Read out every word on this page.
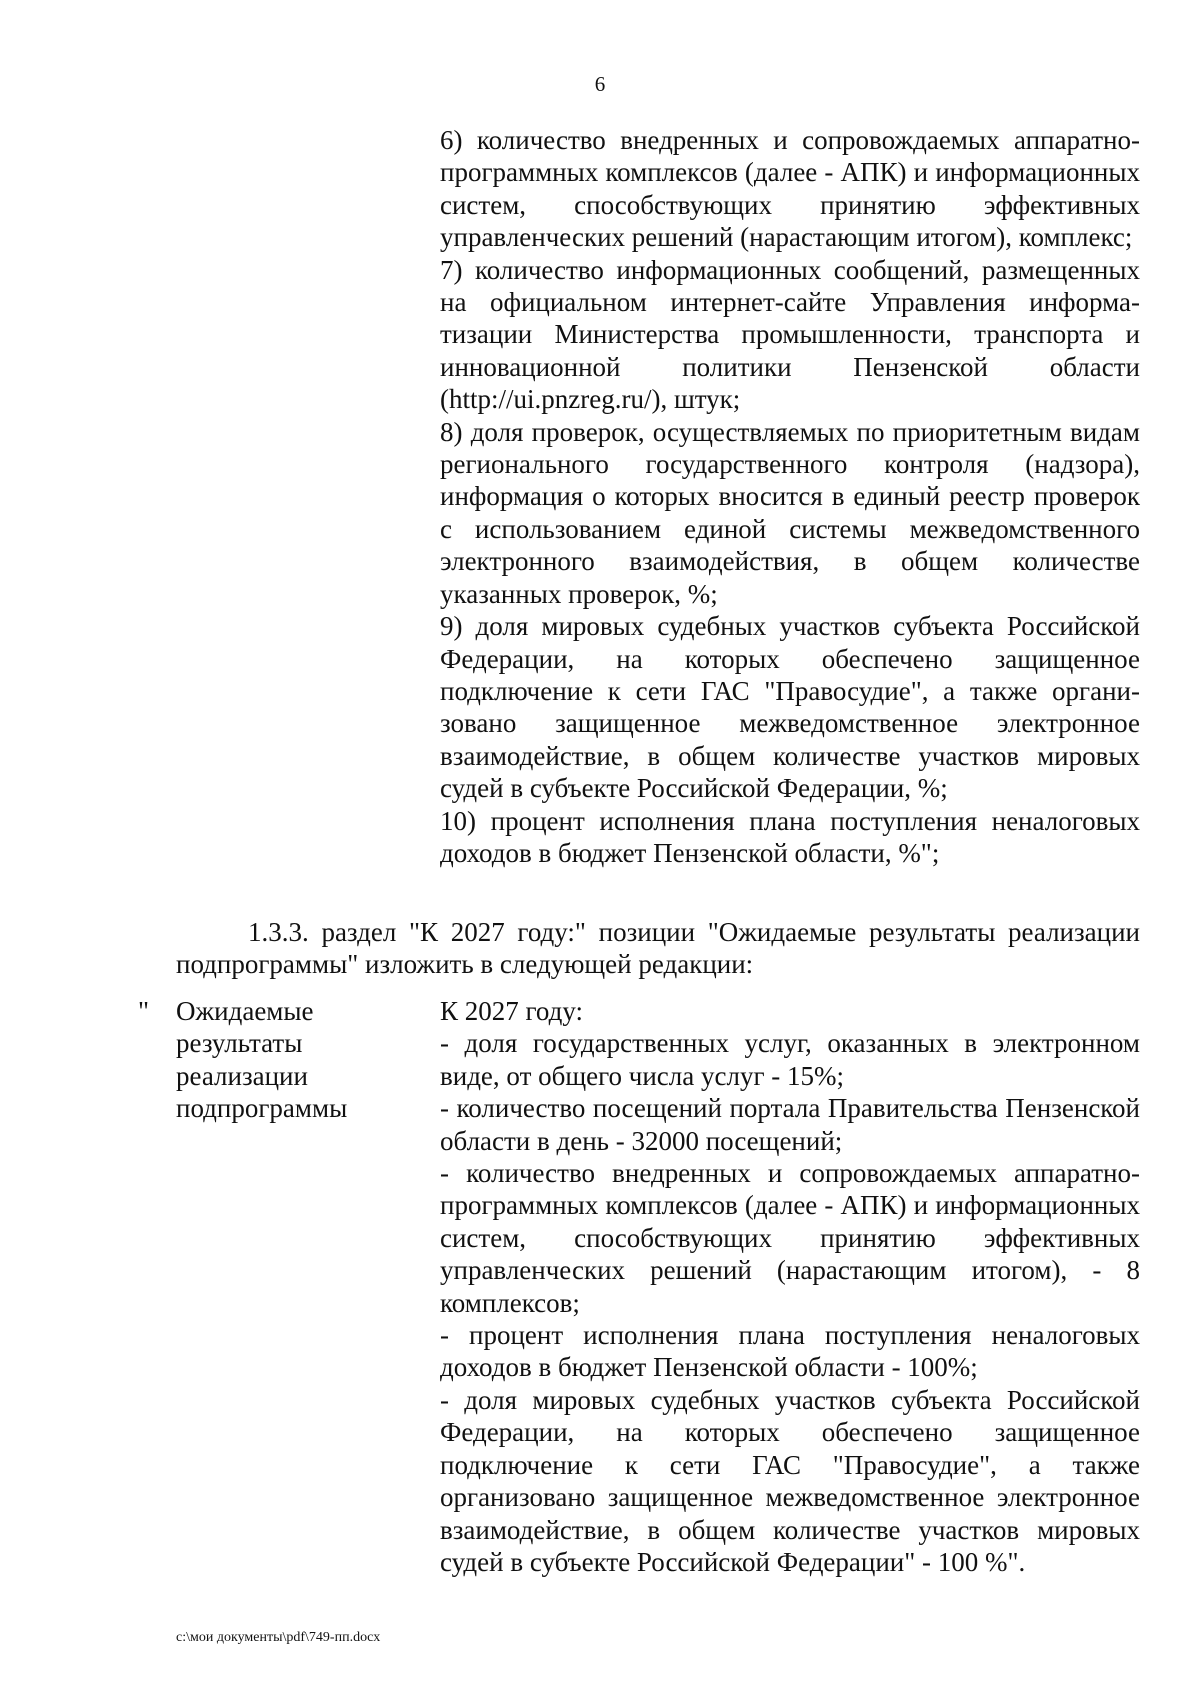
6
6) количество внедренных и сопровождаемых аппаратно-программных комплексов (далее - АПК) и информационных систем, способствующих принятию эффективных управленческих решений (нарастающим итогом), комплекс;
7) количество информационных сообщений, размещенных на официальном интернет-сайте Управления информатизации Министерства промышленности, транспорта и инновационной политики Пензенской области (http://ui.pnzreg.ru/), штук;
8) доля проверок, осуществляемых по приоритетным видам регионального государственного контроля (надзора), информация о которых вносится в единый реестр проверок с использованием единой системы межведомственного электронного взаимодействия, в общем количестве указанных проверок, %;
9) доля мировых судебных участков субъекта Российской Федерации, на которых обеспечено защищенное подключение к сети ГАС "Правосудие", а также организовано защищенное межведомственное электронное взаимодействие, в общем количестве участков мировых судей в субъекте Российской Федерации, %;
10) процент исполнения плана поступления неналоговых доходов в бюджет Пензенской области, %";
1.3.3. раздел "К 2027 году:" позиции "Ожидаемые результаты реализации подпрограммы" изложить в следующей редакции:
" Ожидаемые
результаты
реализации
подпрограммы
К 2027 году:
- доля государственных услуг, оказанных в электронном виде, от общего числа услуг - 15%;
- количество посещений портала Правительства Пензенской области в день - 32000 посещений;
- количество внедренных и сопровождаемых аппаратно-программных комплексов (далее - АПК) и информационных систем, способствующих принятию эффективных управленческих решений (нарастающим итогом), - 8 комплексов;
- процент исполнения плана поступления неналоговых доходов в бюджет Пензенской области - 100%;
- доля мировых судебных участков субъекта Российской Федерации, на которых обеспечено защищенное подключение к сети ГАС "Правосудие", а также организовано защищенное межведомственное электронное взаимодействие, в общем количестве участков мировых судей в субъекте Российской Федерации" - 100 %".
c:\мои документы\pdf\749-пп.docx
